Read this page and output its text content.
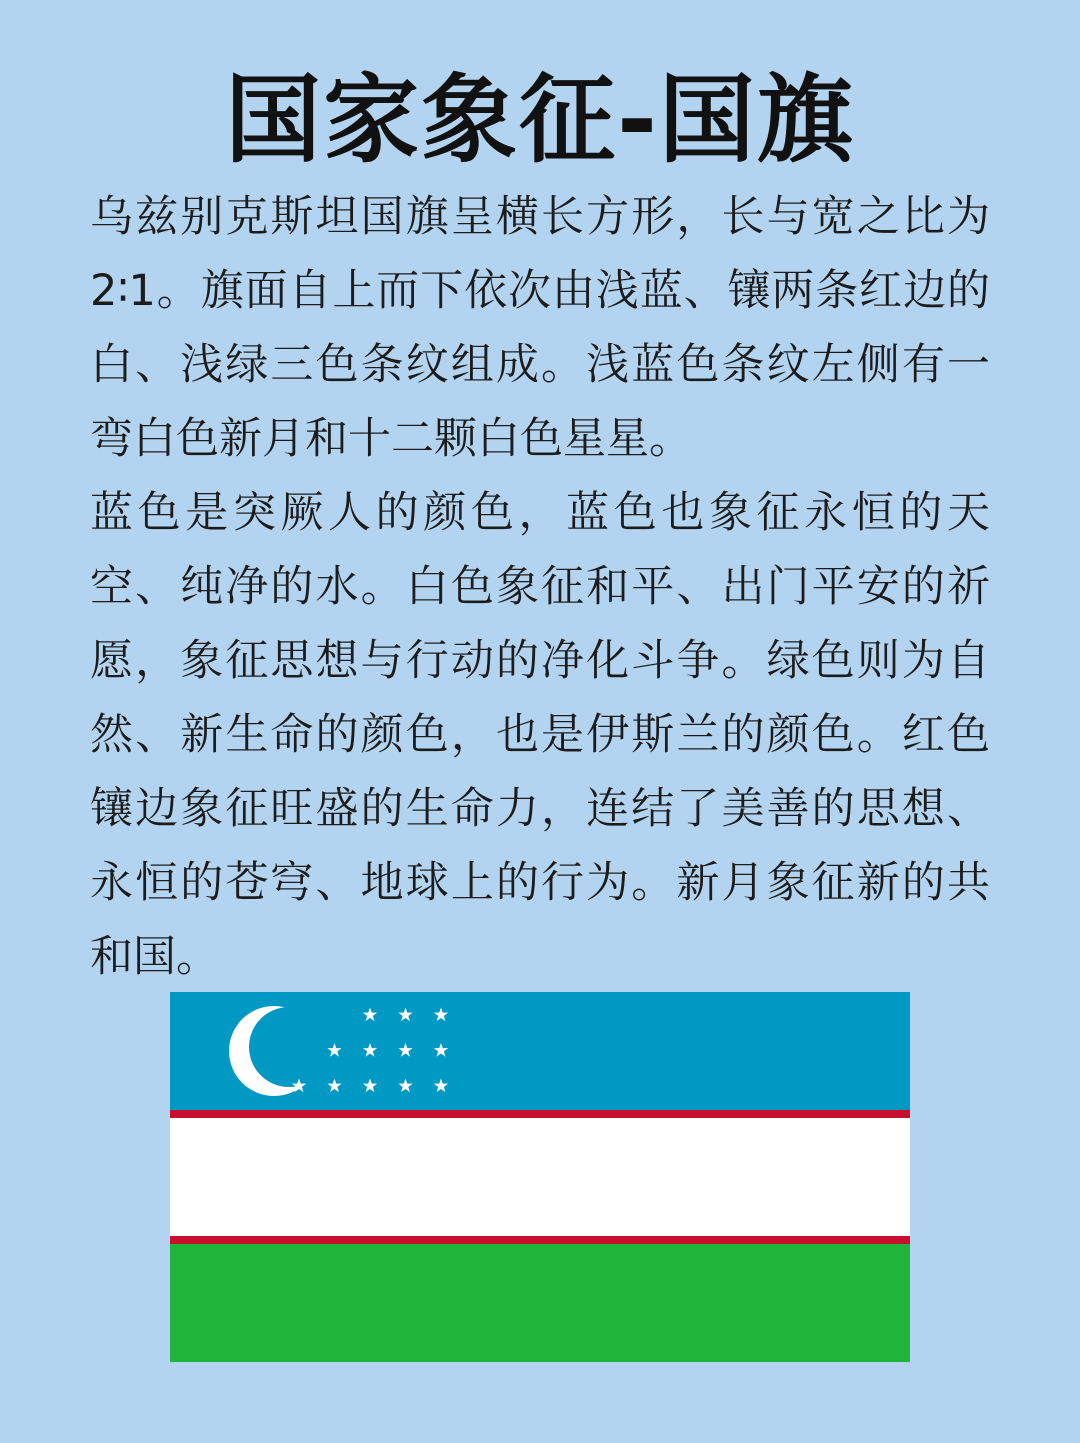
国家象征-国旗

乌兹别克斯坦国旗呈横长方形，长与宽之比为2∶1。旗面自上而下依次由浅蓝、镶两条红边的白、浅绿三色条纹组成。浅蓝色条纹左侧有一弯白色新月和十二颗白色星星。

蓝色是突厥人的颜色，蓝色也象征永恒的天空、纯净的水。白色象征和平、出门平安的祈愿，象征思想与行动的净化斗争。绿色则为自然、新生命的颜色，也是伊斯兰的颜色。红色镶边象征旺盛的生命力，连结了美善的思想、永恒的苍穹、地球上的行为。新月象征新的共和国。
